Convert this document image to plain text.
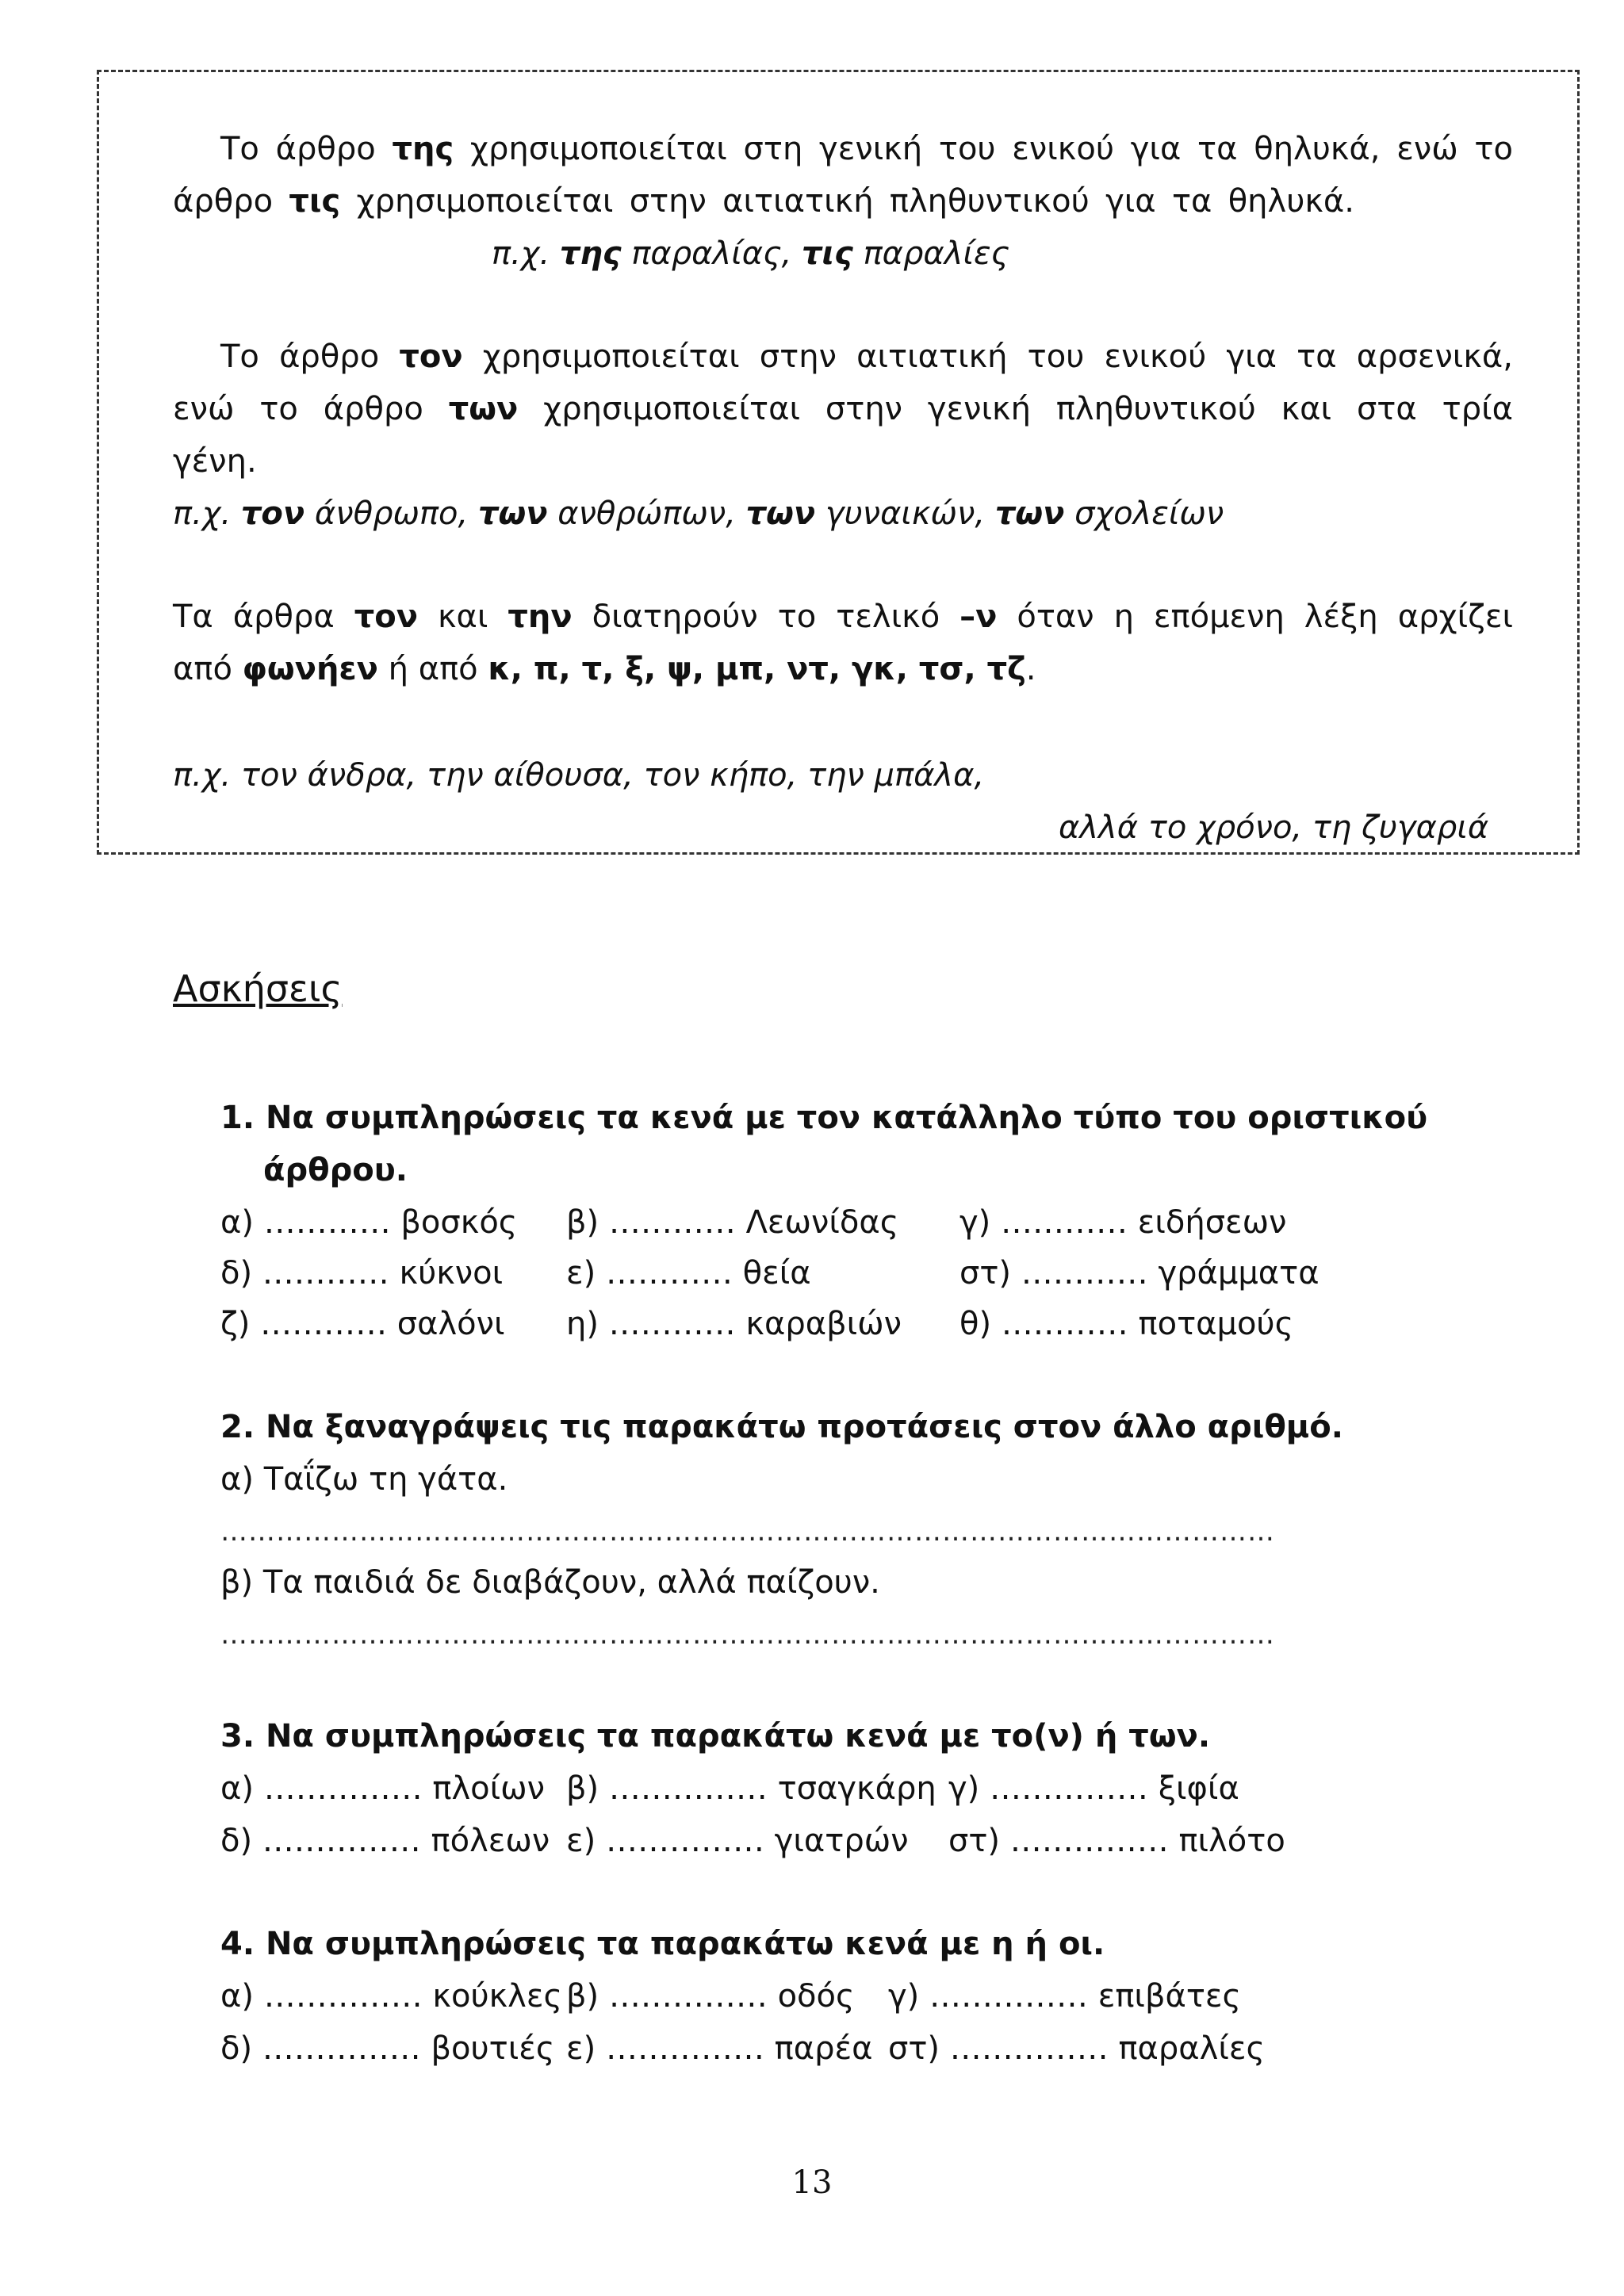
Το άρθρο της χρησιμοποιείται στη γενική του ενικού για τα θηλυκά, ενώ το
άρθρο τις χρησιμοποιείται στην αιτιατική πληθυντικού για τα θηλυκά.
π.χ. της παραλίας, τις παραλίες
Το άρθρο τον χρησιμοποιείται στην αιτιατική του ενικού για τα αρσενικά,
ενώ το άρθρο των χρησιμοποιείται στην γενική πληθυντικού και στα τρία
γένη.
π.χ. τον άνθρωπο, των ανθρώπων, των γυναικών, των σχολείων
Τα άρθρα τον και την διατηρούν το τελικό –ν όταν η επόμενη λέξη αρχίζει
από φωνήεν ή από κ, π, τ, ξ, ψ, μπ, ντ, γκ, τσ, τζ.
π.χ. τον άνδρα, την αίθουσα, τον κήπο, την μπάλα,
αλλά το χρόνο, τη ζυγαριά
Ασκήσεις
1. Να συμπληρώσεις τα κενά με τον κατάλληλο τύπο του οριστικού
άρθρου.
α) ………… βοσκός β) ………… Λεωνίδας γ) ………… ειδήσεων
δ) ………… κύκνοι ε) ………… θεία	στ) ………… γράμματα
ζ) ………… σαλόνι η) ………… καραβιών θ) ………… ποταμούς
2. Να ξαναγράψεις τις παρακάτω προτάσεις στον άλλο αριθμό.
α) Ταΐζω τη γάτα.
……………………………………………………………………………………………………
β) Τα παιδιά δε διαβάζουν, αλλά παίζουν.
……………………………………………………………………………………………………
3. Να συμπληρώσεις τα παρακάτω κενά με το(ν) ή των.
α) …………… πλοίων β) …………… τσαγκάρη γ) …………… ξιφία
δ) …………… πόλεων ε) …………… γιατρών στ) …………… πιλότο
4. Να συμπληρώσεις τα παρακάτω κενά με η ή οι.
α) …………… κούκλες β) …………… οδός γ) …………… επιβάτες
δ) …………… βουτιές ε) …………… παρέα στ) …………… παραλίες
13
